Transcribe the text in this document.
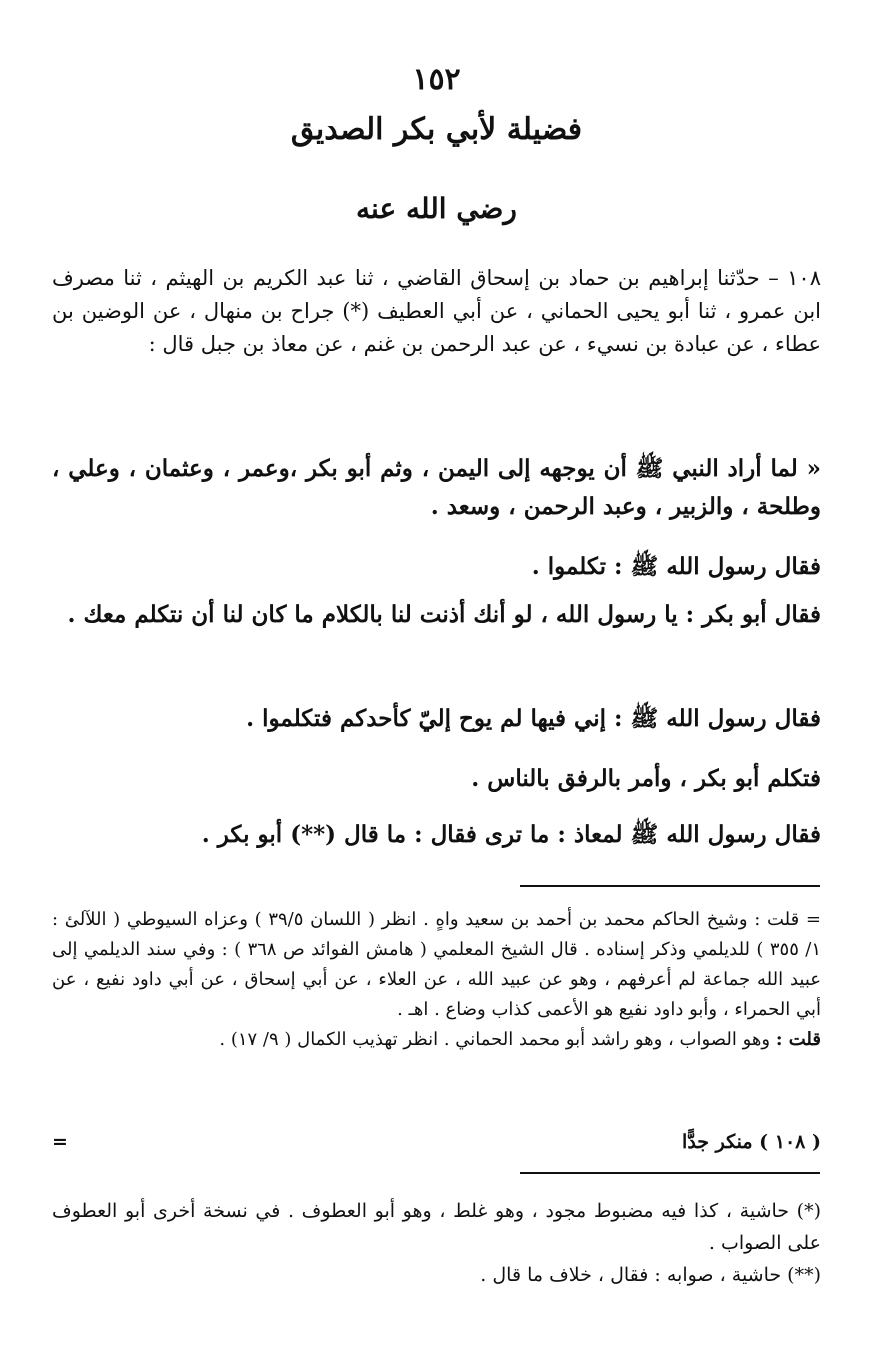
١٥٢
فضيلة لأبي بكر الصديق
رضي الله عنه

١٠٨ – حدّثنا إبراهيم بن حماد بن إسحاق القاضي ، ثنا عبد الكريم بن الهيثم ، ثنا مصرف ابن عمرو ، ثنا أبو يحيى الحماني ، عن أبي العطيف (*) جراح بن منهال ، عن الوضين بن عطاء ، عن عبادة بن نسيء ، عن عبد الرحمن بن غنم ، عن معاذ بن جبل قال :

« لما أراد النبي ﷺ أن يوجهه إلى اليمن ، وثم أبو بكر ،وعمر ، وعثمان ، وعلي ، وطلحة ، والزبير ، وعبد الرحمن ، وسعد .

فقال رسول الله ﷺ : تكلموا .

فقال أبو بكر : يا رسول الله ، لو أنك أذنت لنا بالكلام ما كان لنا أن نتكلم معك .

فقال رسول الله ﷺ : إني فيها لم يوح إليّ كأحدكم فتكلموا .

فتكلم أبو بكر ، وأمر بالرفق بالناس .

فقال رسول الله ﷺ لمعاذ : ما ترى فقال : ما قال (**) أبو بكر .

= قلت : وشيخ الحاكم محمد بن أحمد بن سعيد واهٍ . انظر ( اللسان ٣٩/٥ ) وعزاه السيوطي ( اللآلئ : ١/ ٣٥٥ ) للديلمي وذكر إسناده . قال الشيخ المعلمي ( هامش الفوائد ص ٣٦٨ ) : وفي سند الديلمي إلى عبيد الله جماعة لم أعرفهم ، وهو عن عبيد الله ، عن العلاء ، عن أبي إسحاق ، عن أبي داود نفيع ، عن أبي الحمراء ، وأبو داود نفيع هو الأعمى كذاب وضاع . اهـ .

قلت : وهو الصواب ، وهو راشد أبو محمد الحماني . انظر تهذيب الكمال ( ٩/ ١٧) .

( ١٠٨ ) منكر جدًّا
=

(*) حاشية ، كذا فيه مضبوط مجود ، وهو غلط ، وهو أبو العطوف . في نسخة أخرى أبو العطوف على الصواب .

(**) حاشية ، صوابه : فقال ، خلاف ما قال .
